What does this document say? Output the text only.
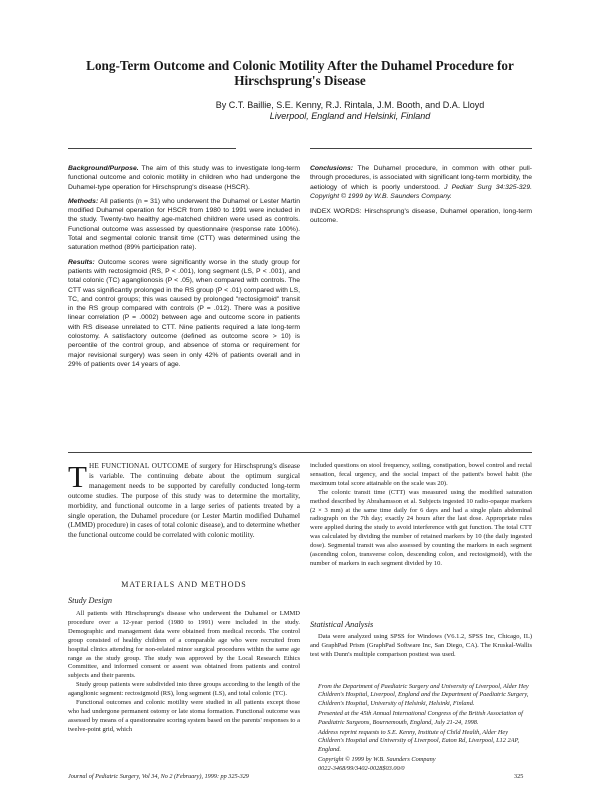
Long-Term Outcome and Colonic Motility After the Duhamel Procedure for Hirschsprung's Disease
By C.T. Baillie, S.E. Kenny, R.J. Rintala, J.M. Booth, and D.A. Lloyd
Liverpool, England and Helsinki, Finland

Background/Purpose. The aim of this study was to investigate long-term functional outcome and colonic motility in children who had undergone the Duhamel-type operation for Hirschsprung's disease (HSCR).

Methods: All patients (n = 31) who underwent the Duhamel or Lester Martin modified Duhamel operation for HSCR from 1980 to 1991 were included in the study. Twenty-two healthy age-matched children were used as controls. Functional outcome was assessed by questionnaire (response rate 100%). Total and segmental colonic transit time (CTT) was determined using the saturation method (89% participation rate).

Results: Outcome scores were significantly worse in the study group for patients with rectosigmoid (RS, P < .001), long segment (LS, P < .001), and total colonic (TC) aganglionosis (P < .05), when compared with controls. The CTT was significantly prolonged in the RS group (P < .01) compared with LS, TC, and control groups; this was caused by prolonged "rectosigmoid" transit in the RS group compared with controls (P = .012). There was a positive linear correlation (P = .0002) between age and outcome score in patients with RS disease unrelated to CTT. Nine patients required a late long-term colostomy. A satisfactory outcome (defined as outcome score > 10) is percentile of the control group, and absence of stoma or requirement for major revisional surgery) was seen in only 42% of patients overall and in 29% of patients over 14 years of age.

Conclusions: The Duhamel procedure, in common with other pull-through procedures, is associated with significant long-term morbidity, the aetiology of which is poorly understood. J Pediatr Surg 34:325-329. Copyright © 1999 by W.B. Saunders Company.

INDEX WORDS: Hirschsprung's disease, Duhamel operation, long-term outcome.

THE FUNCTIONAL OUTCOME of surgery for Hirschsprung's disease is variable. The continuing debate about the optimum surgical management needs to be supported by carefully conducted long-term outcome studies. The purpose of this study was to determine the mortality, morbidity, and functional outcome in a large series of patients treated by a single operation, the Duhamel procedure (or Lester Martin modified Duhamel (LMMD) procedure) in cases of total colonic disease), and to determine whether the functional outcome could be correlated with colonic motility.
MATERIALS AND METHODS
Study Design

All patients with Hirschsprung's disease who underwent the Duhamel or LMMD procedure over a 12-year period (1980 to 1991) were included in the study. Demographic and management data were obtained from medical records. The control group consisted of healthy children of a comparable age who were recruited from hospital clinics attending for non-related minor surgical procedures within the same age range as the study group. The study was approved by the Local Research Ethics Committee, and informed consent or assent was obtained from patients and control subjects and their parents.

Study group patients were subdivided into three groups according to the length of the aganglionic segment: rectosigmoid (RS), long segment (LS), and total colonic (TC).

Functional outcomes and colonic motility were studied in all patients except those who had undergone permanent ostomy or late stoma formation. Functional outcome was assessed by means of a questionnaire scoring system based on the parents' responses to a twelve-point grid, which

included questions on stool frequency, soiling, constipation, bowel control and rectal sensation, fecal urgency, and the social impact of the patient's bowel habit (the maximum total score attainable on the scale was 20).

The colonic transit time (CTT) was measured using the modified saturation method described by Abrahamsson et al. Subjects ingested 10 radio-opaque markers (2 × 3 mm) at the same time daily for 6 days and had a single plain abdominal radiograph on the 7th day; exactly 24 hours after the last dose. Appropriate rules were applied during the study to avoid interference with gut function. The total CTT was calculated by dividing the number of retained markers by 10 (the daily ingested dose). Segmental transit was also assessed by counting the markers in each segment (ascending colon, transverse colon, descending colon, and rectosigmoid), with the number of markers in each segment divided by 10.

Statistical Analysis
Data were analyzed using SPSS for Windows (V6.1.2, SPSS Inc, Chicago, IL) and GraphPad Prism (GraphPad Software Inc, San Diego, CA). The Kruskal-Wallis test with Dunn's multiple comparison posttest was used.

From the Department of Paediatric Surgery and University of Liverpool, Alder Hey Children's Hospital, Liverpool, England and the Department of Paediatric Surgery, Children's Hospital, University of Helsinki, Helsinki, Finland.

Presented at the 45th Annual International Congress of the British Association of Paediatric Surgeons, Bournemouth, England, July 21-24, 1998.

Address reprint requests to S.E. Kenny, Institute of Child Health, Alder Hey Children's Hospital and University of Liverpool, Eaton Rd, Liverpool, L12 2AP, England.

Copyright © 1999 by W.B. Saunders Company

0022-3468/99/3402-0028$03.00/0

Journal of Pediatric Surgery, Vol 34, No 2 (February), 1999: pp 325-329	325
